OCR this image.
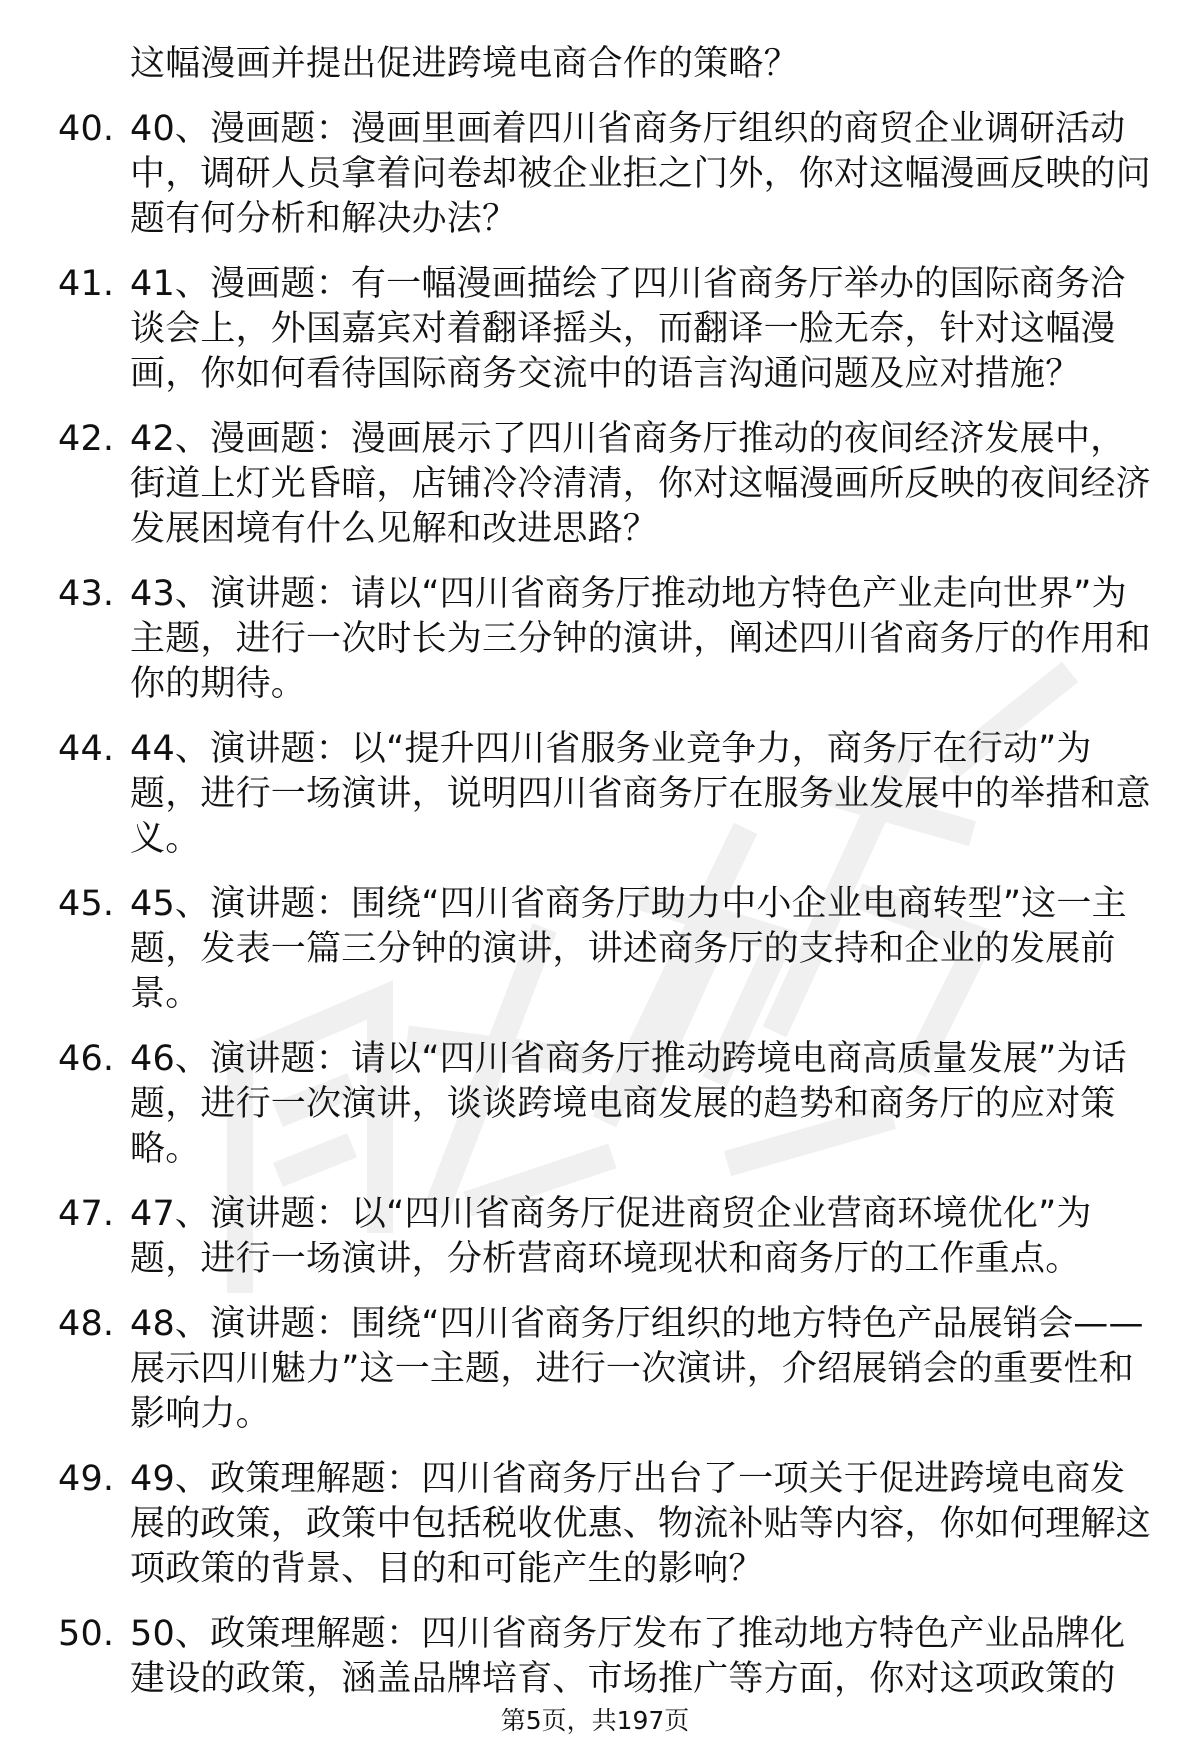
这幅漫画并提出促进跨境电商合作的策略？

40. 40、漫画题：漫画里画着四川省商务厅组织的商贸企业调研活动中，调研人员拿着问卷却被企业拒之门外，你对这幅漫画反映的问题有何分析和解决办法？
41. 41、漫画题：有一幅漫画描绘了四川省商务厅举办的国际商务洽谈会上，外国嘉宾对着翻译摇头，而翻译一脸无奈，针对这幅漫画，你如何看待国际商务交流中的语言沟通问题及应对措施？
42. 42、漫画题：漫画展示了四川省商务厅推动的夜间经济发展中，街道上灯光昏暗，店铺冷冷清清，你对这幅漫画所反映的夜间经济发展困境有什么见解和改进思路？
43. 43、演讲题：请以“四川省商务厅推动地方特色产业走向世界”为主题，进行一次时长为三分钟的演讲，阐述四川省商务厅的作用和你的期待。
44. 44、演讲题：以“提升四川省服务业竞争力，商务厅在行动”为题，进行一场演讲，说明四川省商务厅在服务业发展中的举措和意义。
45. 45、演讲题：围绕“四川省商务厅助力中小企业电商转型”这一主题，发表一篇三分钟的演讲，讲述商务厅的支持和企业的发展前景。
46. 46、演讲题：请以“四川省商务厅推动跨境电商高质量发展”为话题，进行一次演讲，谈谈跨境电商发展的趋势和商务厅的应对策略。
47. 47、演讲题：以“四川省商务厅促进商贸企业营商环境优化”为题，进行一场演讲，分析营商环境现状和商务厅的工作重点。
48. 48、演讲题：围绕“四川省商务厅组织的地方特色产品展销会——展示四川魅力”这一主题，进行一次演讲，介绍展销会的重要性和影响力。
49. 49、政策理解题：四川省商务厅出台了一项关于促进跨境电商发展的政策，政策中包括税收优惠、物流补贴等内容，你如何理解这项政策的背景、目的和可能产生的影响？
50. 50、政策理解题：四川省商务厅发布了推动地方特色产业品牌化建设的政策，涵盖品牌培育、市场推广等方面，你对这项政策的
第5页，共197页
